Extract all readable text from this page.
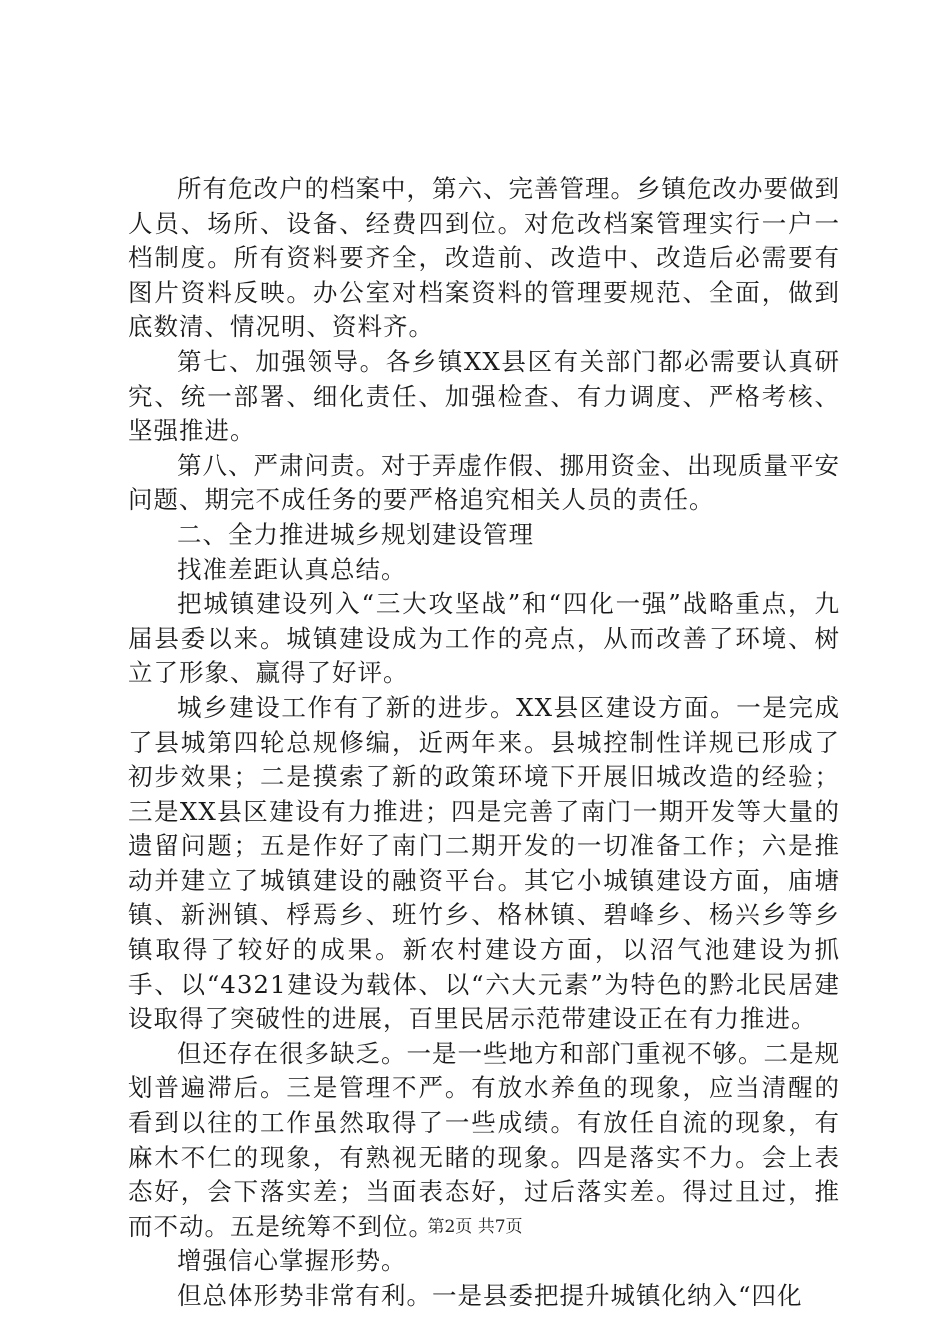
所有危改户的档案中，第六、完善管理。乡镇危改办要做到人员、场所、设备、经费四到位。对危改档案管理实行一户一档制度。所有资料要齐全，改造前、改造中、改造后必需要有图片资料反映。办公室对档案资料的管理要规范、全面，做到底数清、情况明、资料齐。

第七、加强领导。各乡镇XX县区有关部门都必需要认真研究、统一部署、细化责任、加强检查、有力调度、严格考核、坚强推进。

第八、严肃问责。对于弄虚作假、挪用资金、出现质量平安问题、期完不成任务的要严格追究相关人员的责任。

二、全力推进城乡规划建设管理

找准差距认真总结。

把城镇建设列入“三大攻坚战”和“四化一强”战略重点，九届县委以来。城镇建设成为工作的亮点，从而改善了环境、树立了形象、赢得了好评。

城乡建设工作有了新的进步。XX县区建设方面。一是完成了县城第四轮总规修编，近两年来。县城控制性详规已形成了初步效果；二是摸索了新的政策环境下开展旧城改造的经验；三是XX县区建设有力推进；四是完善了南门一期开发等大量的遗留问题；五是作好了南门二期开发的一切准备工作；六是推动并建立了城镇建设的融资平台。其它小城镇建设方面，庙塘镇、新洲镇、桴焉乡、班竹乡、格林镇、碧峰乡、杨兴乡等乡镇取得了较好的成果。新农村建设方面，以沼气池建设为抓手、以“4321建设为载体、以“六大元素”为特色的黔北民居建设取得了突破性的进展，百里民居示范带建设正在有力推进。

但还存在很多缺乏。一是一些地方和部门重视不够。二是规划普遍滞后。三是管理不严。有放水养鱼的现象，应当清醒的看到以往的工作虽然取得了一些成绩。有放任自流的现象，有麻木不仁的现象，有熟视无睹的现象。四是落实不力。会上表态好，会下落实差；当面表态好，过后落实差。得过且过，推而不动。五是统筹不到位。

增强信心掌握形势。

但总体形势非常有利。一是县委把提升城镇化纳入“四化

第2页 共7页
